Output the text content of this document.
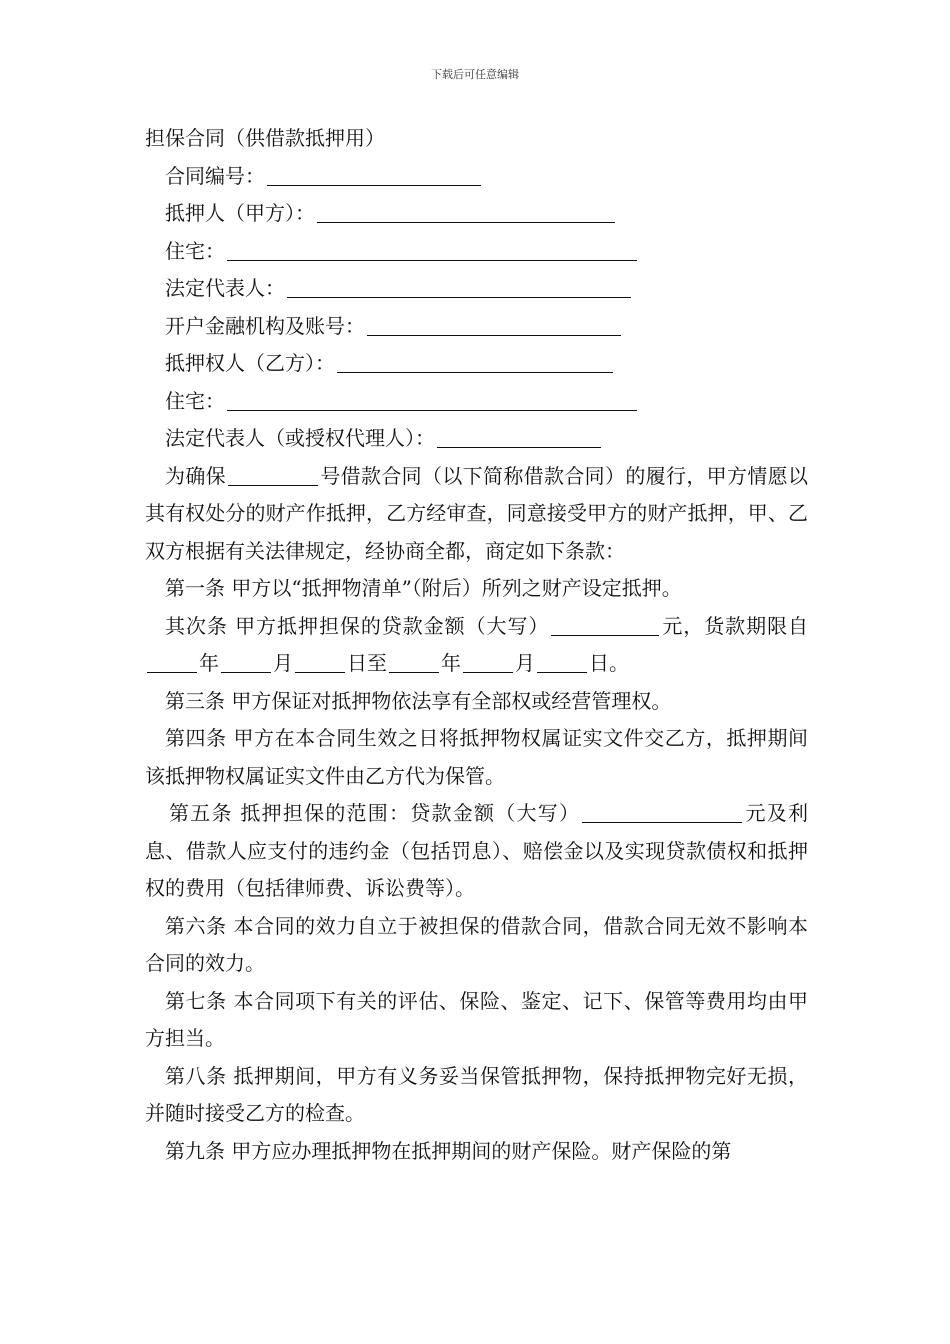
下载后可任意编辑
担保合同（供借款抵押用）
合同编号：
抵押人（甲方）：
住宅：
法定代表人：
开户金融机构及账号：
抵押权人（乙方）：
住宅：
法定代表人（或授权代理人）：
为确保	号借款合同（以下简称借款合同）的履行，甲方情愿以其有权处分的财产作抵押，乙方经审查，同意接受甲方的财产抵押，甲、乙双方根据有关法律规定，经协商全都，商定如下条款：
第一条 甲方以“抵押物清单”（附后）所列之财产设定抵押。
其次条 甲方抵押担保的贷款金额（大写）	元，货款期限自年	月	日至	年	月	日。
第三条 甲方保证对抵押物依法享有全部权或经营管理权。
第四条 甲方在本合同生效之日将抵押物权属证实文件交乙方，抵押期间该抵押物权属证实文件由乙方代为保管。
第五条 抵押担保的范围：贷款金额（大写）	元及利息、借款人应支付的违约金（包括罚息）、赔偿金以及实现贷款债权和抵押权的费用（包括律师费、诉讼费等）。
第六条 本合同的效力自立于被担保的借款合同，借款合同无效不影响本合同的效力。
第七条 本合同项下有关的评估、保险、鉴定、记下、保管等费用均由甲方担当。
第八条 抵押期间，甲方有义务妥当保管抵押物，保持抵押物完好无损，并随时接受乙方的检查。
第九条 甲方应办理抵押物在抵押期间的财产保险。财产保险的第
